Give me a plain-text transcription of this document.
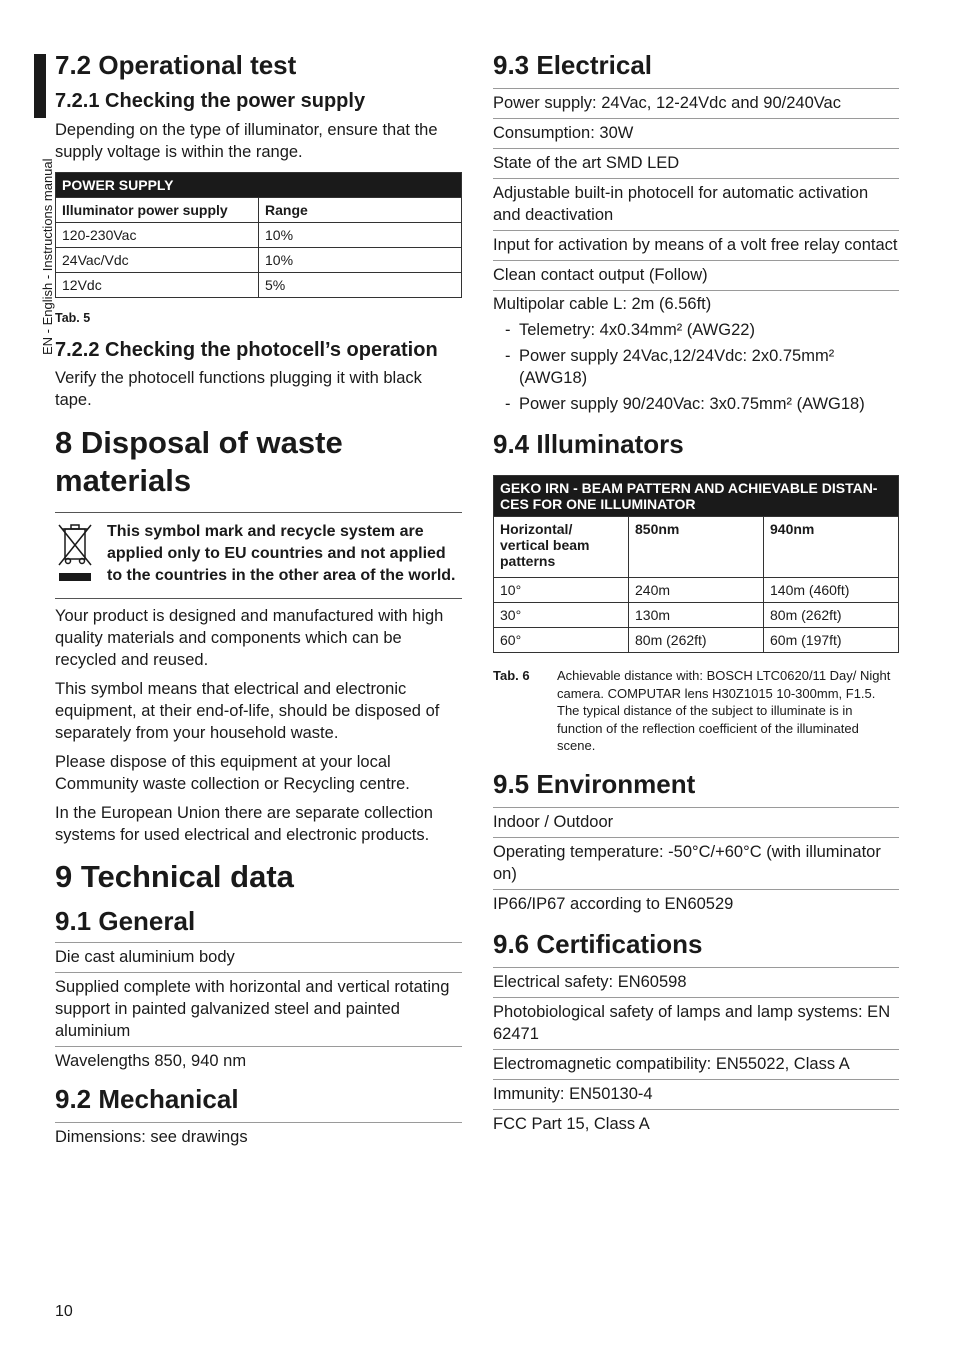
EN - English - Instructions manual
7.2 Operational test
7.2.1 Checking the power supply

Depending on the type of illuminator, ensure that the supply voltage is within the range.

POWER SUPPLY	
Illuminator power supply	Range
120-230Vac	10%
24Vac/Vdc	10%
12Vdc	5%
Tab. 5
7.2.2 Checking the photocell’s operation

Verify the photocell functions plugging it with black tape.

8 Disposal of waste
materials
This symbol mark and recycle system are applied only to EU countries and not applied to the countries in the other area of the world.

Your product is designed and manufactured with high quality materials and components which can be recycled and reused.

This symbol means that electrical and electronic equipment, at their end-of-life, should be disposed of separately from your household waste.

Please dispose of this equipment at your local Community waste collection or Recycling centre.

In the European Union there are separate collection systems for used electrical and electronic products.

9 Technical data
9.1 General
Die cast aluminium body
Supplied complete with horizontal and vertical rotating support in painted galvanized steel and painted aluminium
Wavelengths 850, 940 nm
9.2 Mechanical
Dimensions: see drawings
9.3 Electrical
Power supply: 24Vac, 12-24Vdc and 90/240Vac
Consumption: 30W
State of the art SMD LED
Adjustable built-in photocell for automatic activation and deactivation
Input for activation by means of a volt free relay contact
Clean contact output (Follow)
Multipolar cable L: 2m (6.56ft)
- Telemetry: 4x0.34mm² (AWG22)
- Power supply 24Vac,12/24Vdc: 2x0.75mm² (AWG18)
- Power supply 90/240Vac: 3x0.75mm² (AWG18)
9.4 Illuminators
GEKO IRN - BEAM PATTERN AND ACHIEVABLE DISTAN-CES FOR ONE ILLUMINATOR		
Horizontal/ vertical beam patterns	850nm	940nm
10°	240m	140m (460ft)
30°	130m	80m (262ft)
60°	80m (262ft)	60m (197ft)
Tab. 6	Achievable distance with: BOSCH LTC0620/11 Day/ Night camera. COMPUTAR lens H30Z1015 10-300mm, F1.5. The typical distance of the subject to illuminate is in function of the reflection coefficient of the illuminated scene.
9.5 Environment
Indoor / Outdoor
Operating temperature: -50°C/+60°C (with illuminator on)
IP66/IP67 according to EN60529
9.6 Certifications
Electrical safety: EN60598
Photobiological safety of lamps and lamp systems: EN 62471
Electromagnetic compatibility: EN55022, Class A
Immunity: EN50130-4
FCC Part 15, Class A
10
